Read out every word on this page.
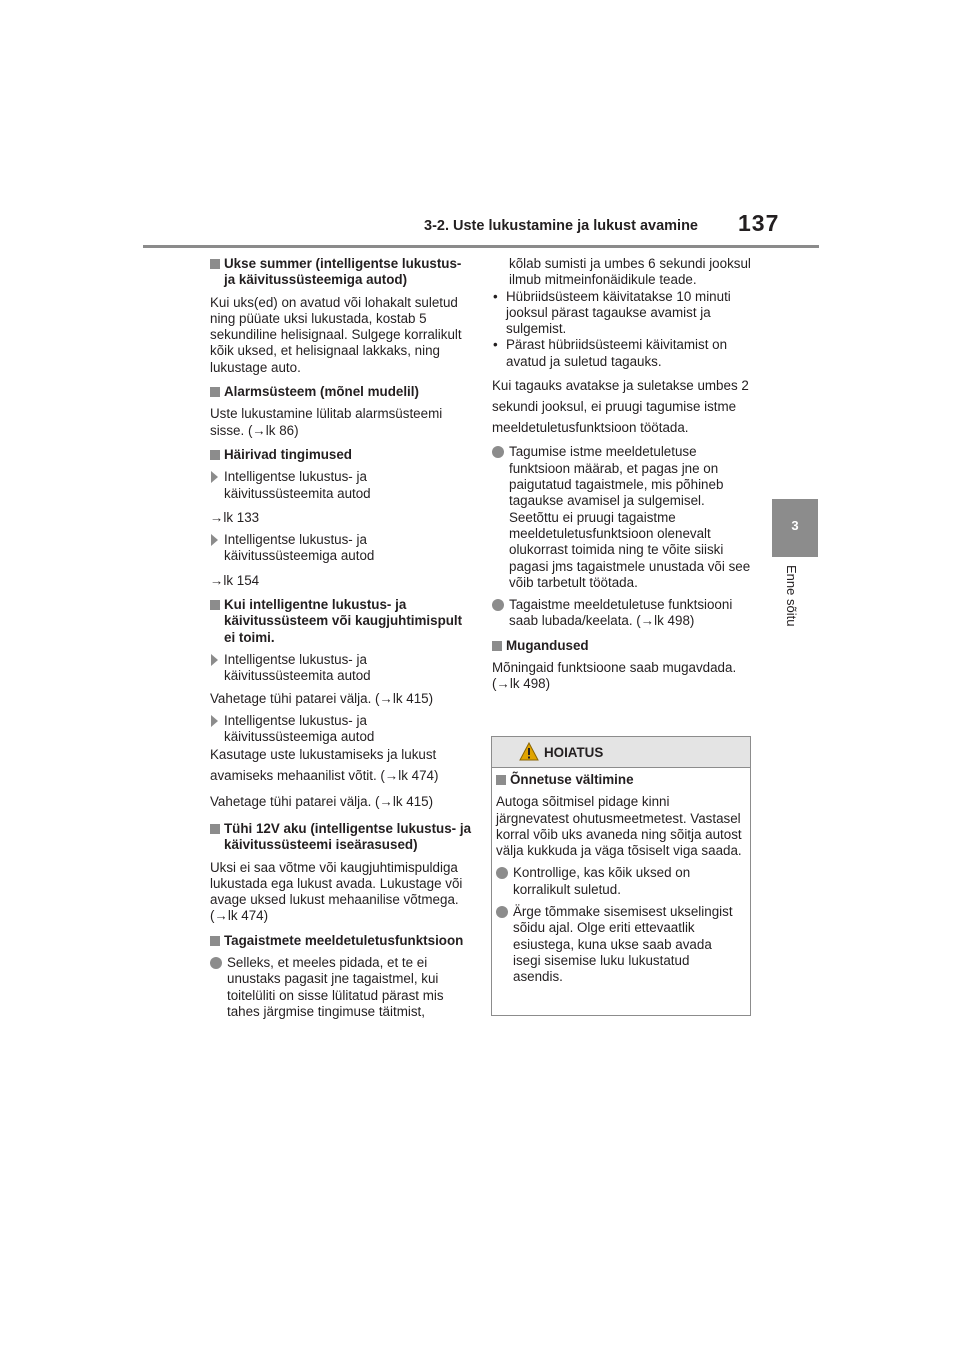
3-2. Uste lukustamine ja lukust avamine 137
3
Enne sõitu
Ukse summer (intelligentse lukustus- ja käivitussüsteemiga autod)
Kui uks(ed) on avatud või lohakalt suletud ning püüate uksi lukustada, kostab 5 sekundiline helisignaal. Sulgege korralikult kõik uksed, et helisignaal lakkaks, ning lukustage auto.
Alarmsüsteem (mõnel mudelil)
Uste lukustamine lülitab alarmsüsteemi sisse. (→lk 86)
Häirivad tingimused
Intelligentse lukustus- ja käivitussüsteemita autod
→lk 133
Intelligentse lukustus- ja käivitussüsteemiga autod
→lk 154
Kui intelligentne lukustus- ja käivitussüsteem või kaugjuhtimispult ei toimi.
Intelligentse lukustus- ja käivitussüsteemita autod
Vahetage tühi patarei välja. (→lk 415)
Intelligentse lukustus- ja käivitussüsteemiga autod
Kasutage uste lukustamiseks ja lukust avamiseks mehaanilist võtit. (→lk 474)
Vahetage tühi patarei välja. (→lk 415)
Tühi 12V aku (intelligentse lukustus- ja käivitussüsteemi iseärasused)
Uksi ei saa võtme või kaugjuhtimispuldiga lukustada ega lukust avada. Lukustage või avage uksed lukust mehaanilise võtmega. (→lk 474)
Tagaistmete meeldetuletusfunktsioon
Selleks, et meeles pidada, et te ei unustaks pagasit jne tagaistmel, kui toitelüliti on sisse lülitatud pärast mis tahes järgmise tingimuse täitmist,
kõlab sumisti ja umbes 6 sekundi jooksul ilmub mitmeinfonäidikule teade.
• Hübriidsüsteem käivitatakse 10 minuti jooksul pärast tagaukse avamist ja sulgemist.
• Pärast hübriidsüsteemi käivitamist on avatud ja suletud tagauks.
Kui tagauks avatakse ja suletakse umbes 2 sekundi jooksul, ei pruugi tagumise istme meeldetuletusfunktsioon töötada.
Tagumise istme meeldetuletuse funktsioon määrab, et pagas jne on paigutatud tagaistmele, mis põhineb tagaukse avamisel ja sulgemisel. Seetõttu ei pruugi tagaistme meeldetuletusfunktsioon olenevalt olukorrast toimida ning te võite siiski pagasi jms tagaistmele unustada või see võib tarbetult töötada.
Tagaistme meeldetuletuse funktsiooni saab lubada/keelata. (→lk 498)
Mugandused
Mõningaid funktsioone saab mugavdada. (→lk 498)
HOIATUS
Õnnetuse vältimine
Autoga sõitmisel pidage kinni järgnevatest ohutusmeetmetest. Vastasel korral võib uks avaneda ning sõitja autost välja kukkuda ja väga tõsiselt viga saada.
Kontrollige, kas kõik uksed on korralikult suletud.
Ärge tõmmake sisemisest ukselingist sõidu ajal. Olge eriti ettevaatlik esiustega, kuna ukse saab avada isegi sisemise luku lukustatud asendis.
